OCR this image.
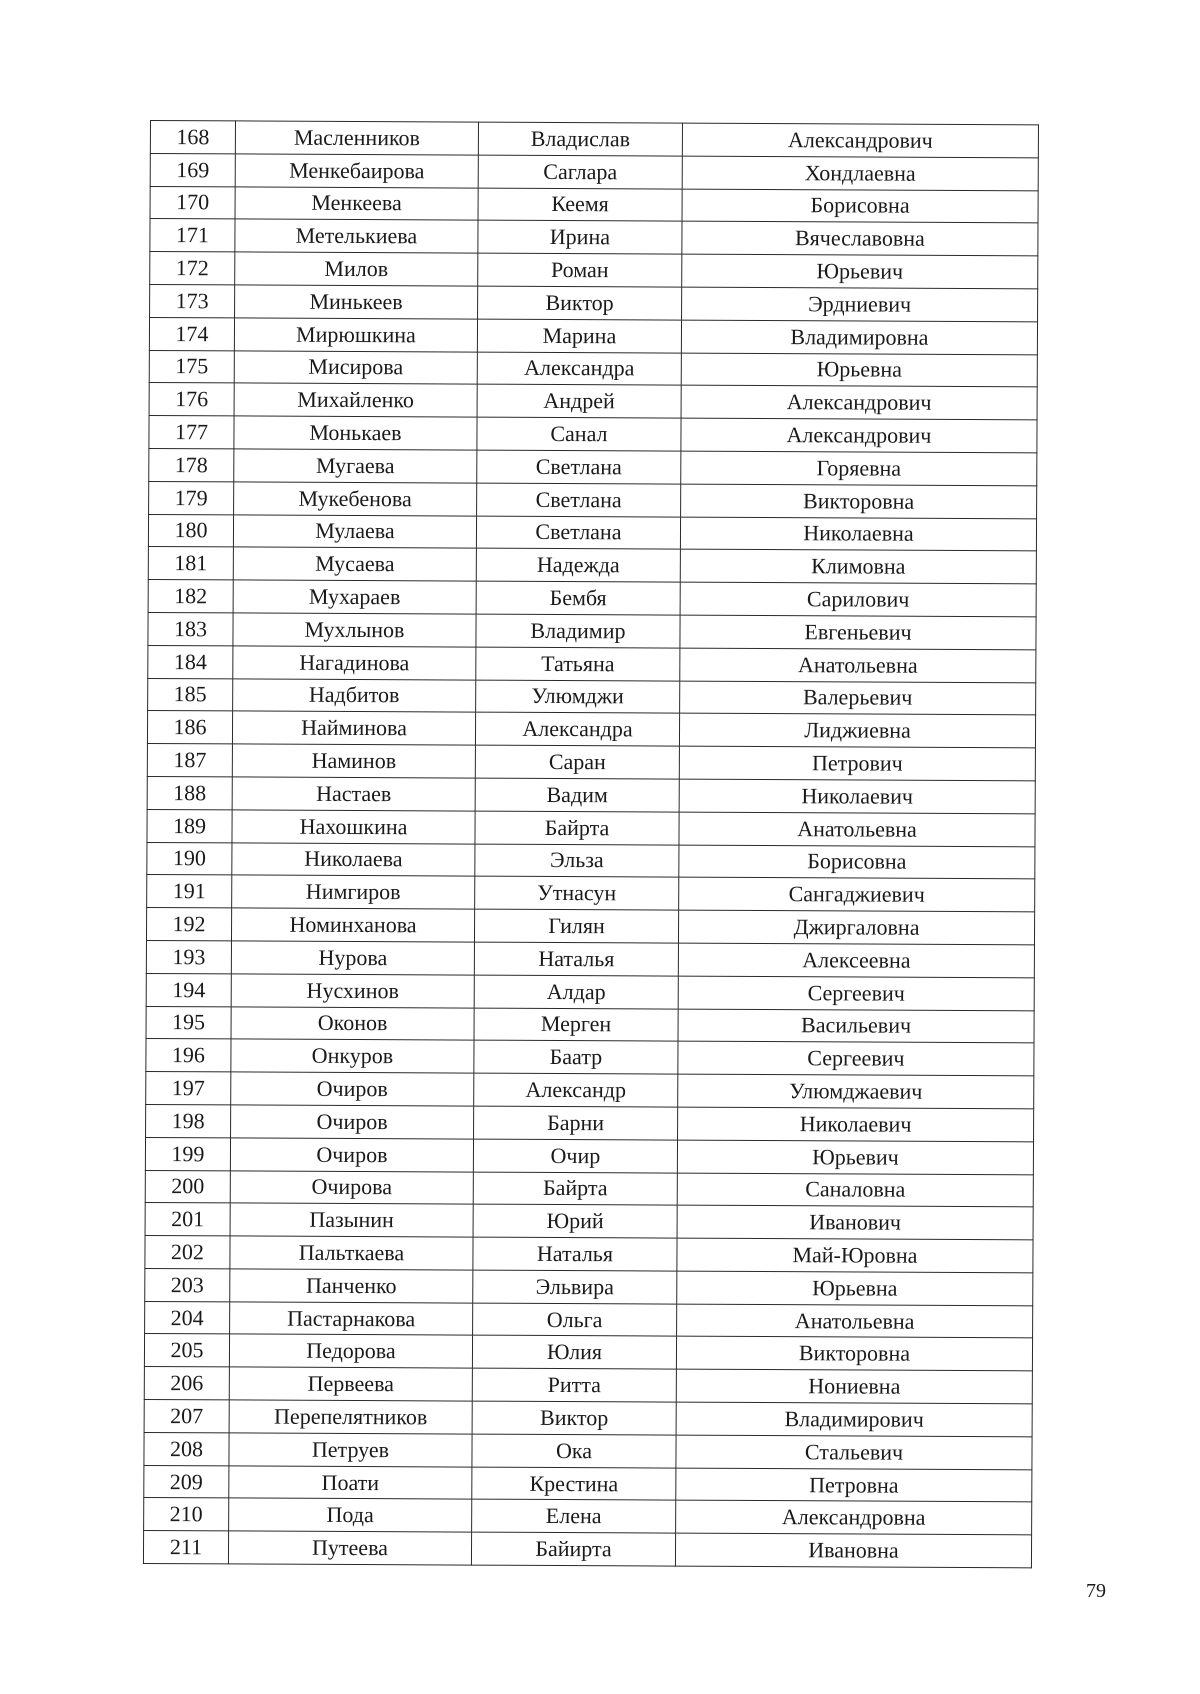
168	Масленников	Владислав	Александрович
169	Менкебаирова	Саглара	Хондлаевна
170	Менкеева	Кеемя	Борисовна
171	Метелькиева	Ирина	Вячеславовна
172	Милов	Роман	Юрьевич
173	Минькеев	Виктор	Эрдниевич
174	Мирюшкина	Марина	Владимировна
175	Мисирова	Александра	Юрьевна
176	Михайленко	Андрей	Александрович
177	Монькаев	Санал	Александрович
178	Мугаева	Светлана	Горяевна
179	Мукебенова	Светлана	Викторовна
180	Мулаева	Светлана	Николаевна
181	Мусаева	Надежда	Климовна
182	Мухараев	Бембя	Сарилович
183	Мухлынов	Владимир	Евгеньевич
184	Нагадинова	Татьяна	Анатольевна
185	Надбитов	Улюмджи	Валерьевич
186	Найминова	Александра	Лиджиевна
187	Наминов	Саран	Петрович
188	Настаев	Вадим	Николаевич
189	Нахошкина	Байрта	Анатольевна
190	Николаева	Эльза	Борисовна
191	Нимгиров	Утнасун	Сангаджиевич
192	Номинханова	Гилян	Джиргаловна
193	Нурова	Наталья	Алексеевна
194	Нусхинов	Алдар	Сергеевич
195	Оконов	Мерген	Васильевич
196	Онкуров	Баатр	Сергеевич
197	Очиров	Александр	Улюмджаевич
198	Очиров	Барни	Николаевич
199	Очиров	Очир	Юрьевич
200	Очирова	Байрта	Саналовна
201	Пазынин	Юрий	Иванович
202	Пальткаева	Наталья	Май-Юровна
203	Панченко	Эльвира	Юрьевна
204	Пастарнакова	Ольга	Анатольевна
205	Педорова	Юлия	Викторовна
206	Первеева	Ритта	Нониевна
207	Перепелятников	Виктор	Владимирович
208	Петруев	Ока	Стальевич
209	Поати	Крестина	Петровна
210	Пода	Елена	Александровна
211	Путеева	Байирта	Ивановна
79
